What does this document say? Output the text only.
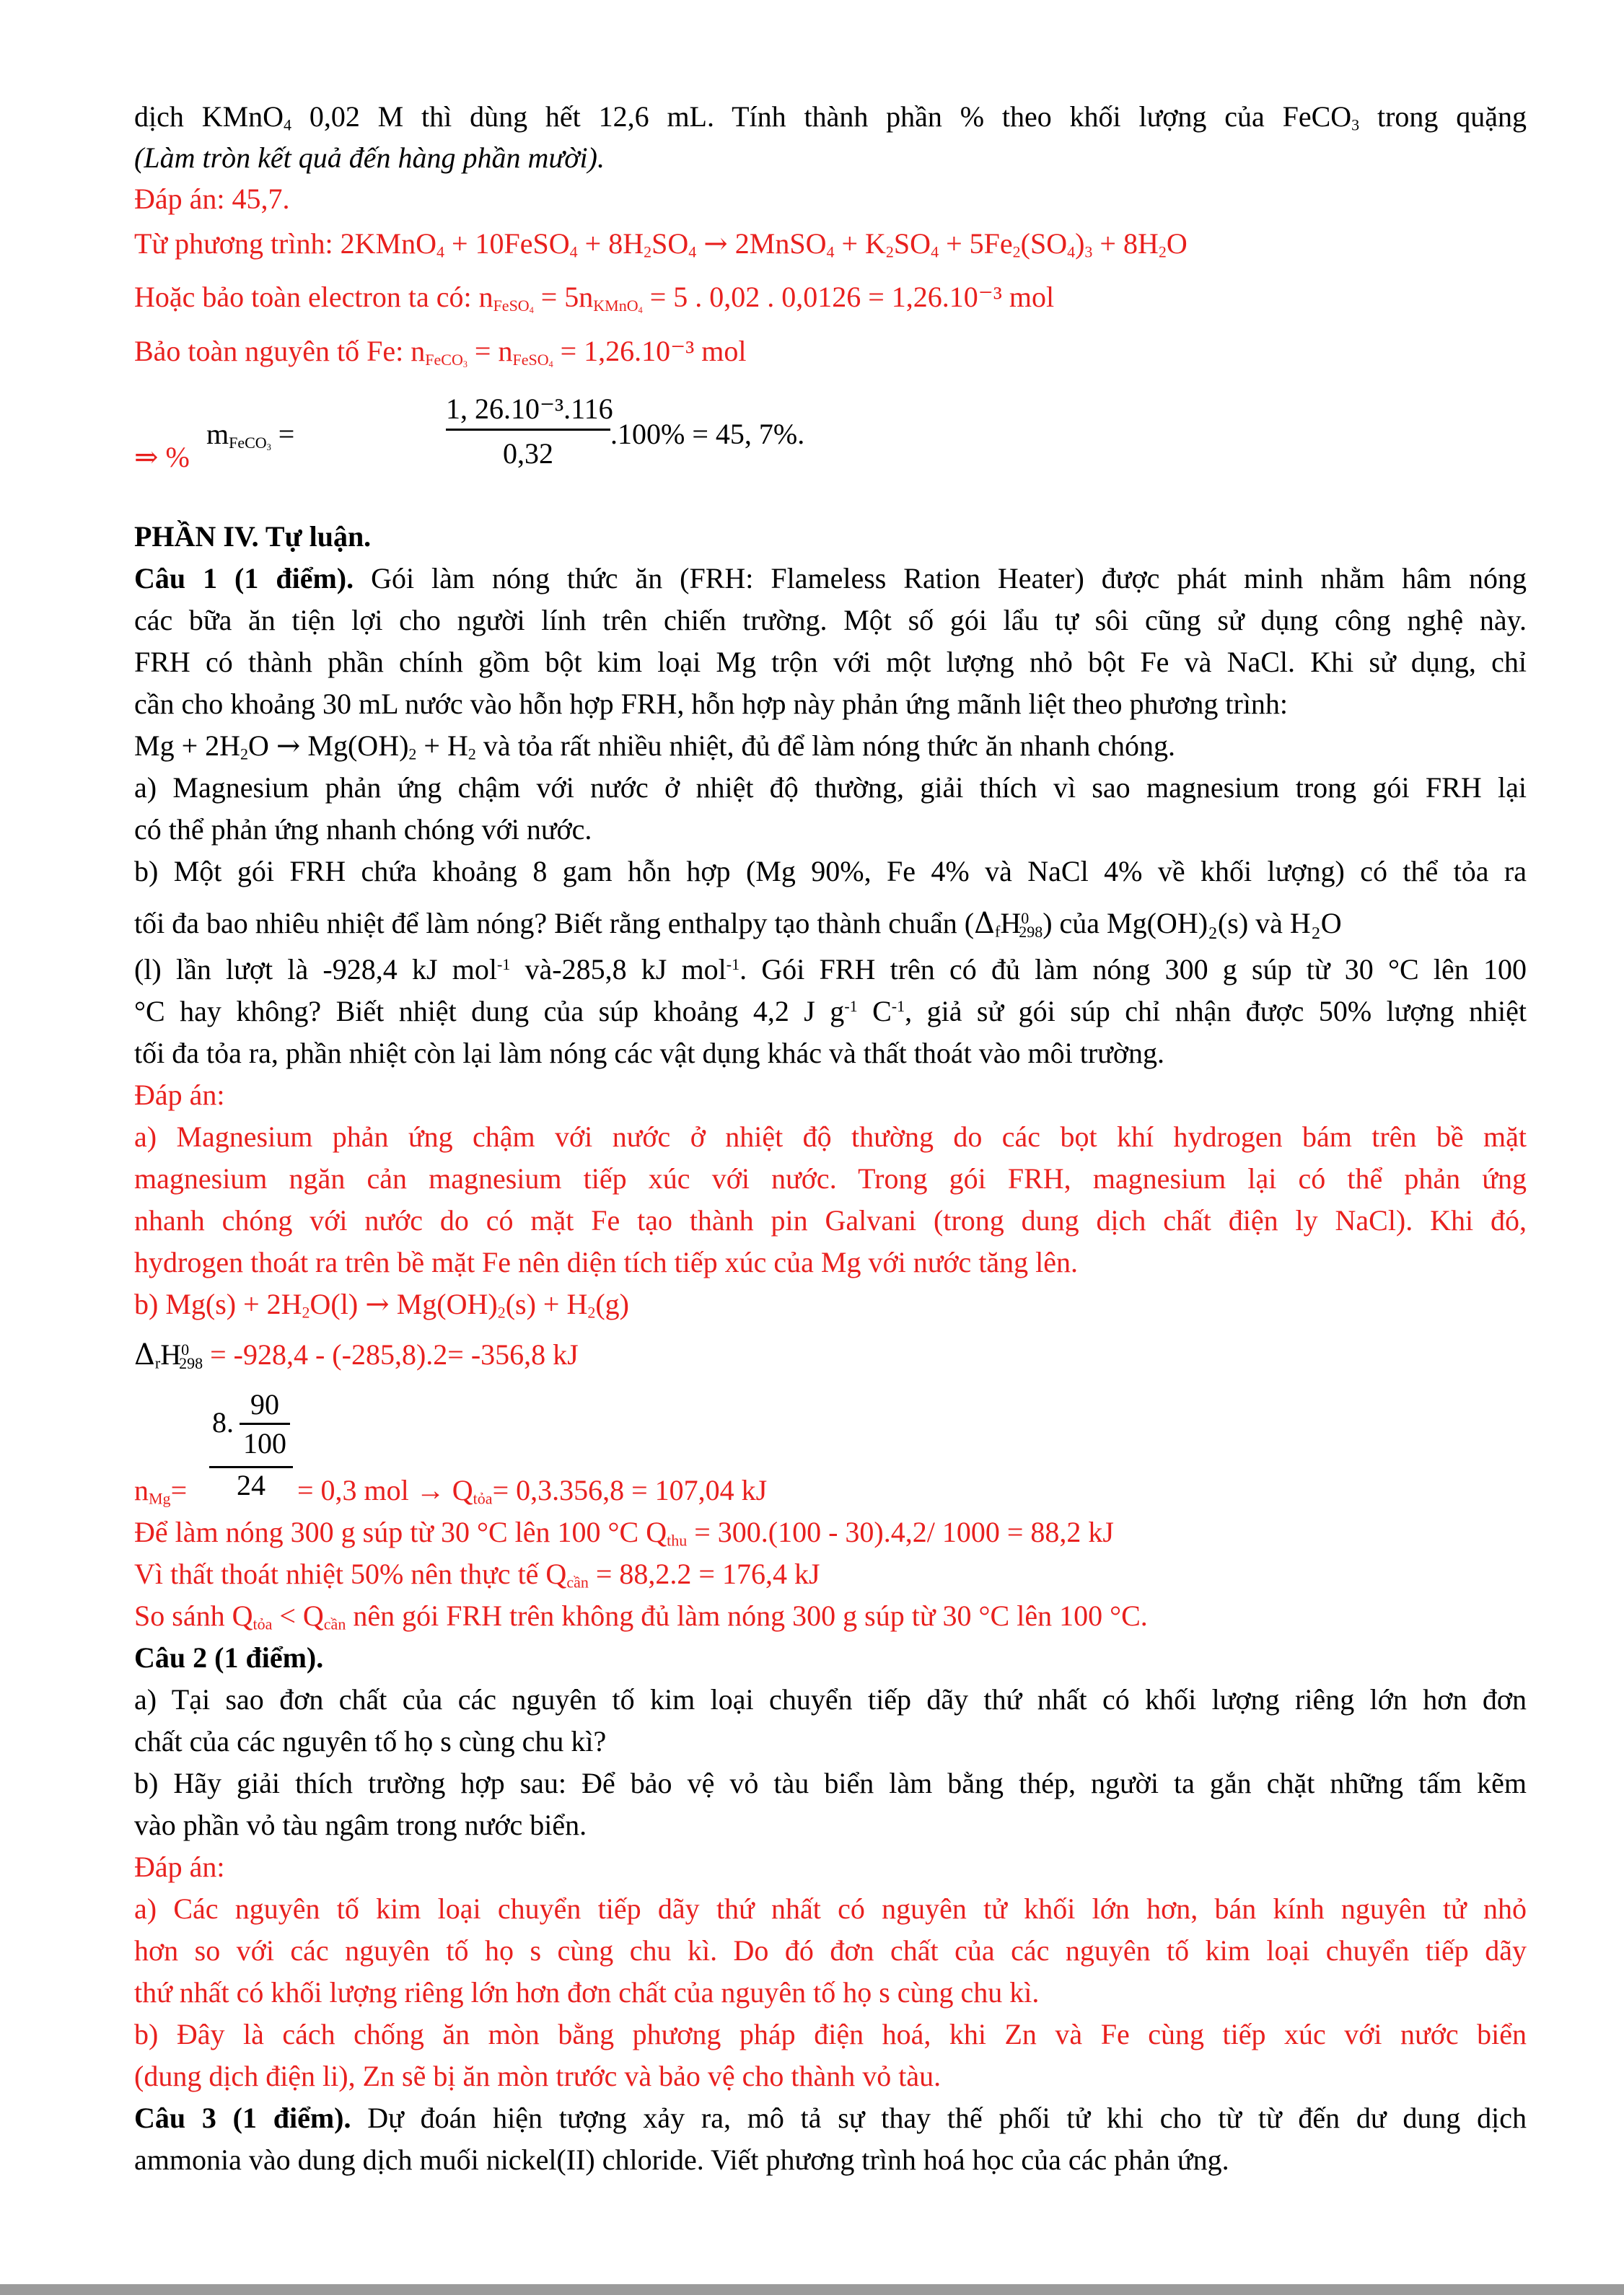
dịch KMnO$_4$ 0,02 M thì dùng hết 12,6 mL. Tính thành phần % theo khối lượng của FeCO$_3$ trong quặng
(Làm tròn kết quả đến hàng phần mười).
Đáp án: 45,7.
Từ phương trình: 2KMnO$_4$ + 10FeSO$_4$ + $8H_2SO_4$ → 2MnSO$_4$ + $K_2SO_4 + 5Fe_2(SO_4)_3 + 8H_2O$
Hoặc bảo toàn electron ta có: $n_{FeSO_4} = 5n_{KMnO_4} = 5$ . 0,02 . 0,0126 = 1,26.10⁻³ mol
Bảo toàn nguyên tố Fe: $n_{FeCO_3} = n_{FeSO_4} = 1,26.10^{-3}$ mol
⇒ %
$m_{FeCO_3}$ =
1, 26.10⁻³.116
0,32
.100% = 45, 7%.
PHẦN IV. Tự luận.
Câu 1 (1 điểm). Gói làm nóng thức ăn (FRH: Flameless Ration Heater) được phát minh nhằm hâm nóng
các bữa ăn tiện lợi cho người lính trên chiến trường. Một số gói lẩu tự sôi cũng sử dụng công nghệ này.
FRH có thành phần chính gồm bột kim loại Mg trộn với một lượng nhỏ bột Fe và NaCl. Khi sử dụng, chỉ
cần cho khoảng 30 mL nước vào hỗn hợp FRH, hỗn hợp này phản ứng mãnh liệt theo phương trình:
$Mg + 2H_2O \to Mg(OH)_2 + H_2$ và tỏa rất nhiều nhiệt, đủ để làm nóng thức ăn nhanh chóng.
a) Magnesium phản ứng chậm với nước ở nhiệt độ thường, giải thích vì sao magnesium trong gói FRH lại
có thể phản ứng nhanh chóng với nước.
b) Một gói FRH chứa khoảng 8 gam hỗn hợp (Mg 90%, Fe 4% và NaCl 4% về khối lượng) có thể tỏa ra
tối đa bao nhiêu nhiệt để làm nóng? Biết rằng enthalpy tạo thành chuẩn $(\Delta_fH^0_{298})$ của Mg(OH)₂(s) và H₂O
(l) lần lượt là -928,4 kJ mol$^{-1}$ và-285,8 kJ mol$^{-1}$. Gói FRH trên có đủ làm nóng 300 g súp từ 30 °C lên 100
°C hay không? Biết nhiệt dung của súp khoảng 4,2 J $g^{-1}$ $C^{-1}$, giả sử gói súp chỉ nhận được 50% lượng nhiệt
tối đa tỏa ra, phần nhiệt còn lại làm nóng các vật dụng khác và thất thoát vào môi trường.
Đáp án:
a) Magnesium phản ứng chậm với nước ở nhiệt độ thường do các bọt khí hydrogen bám trên bề mặt
magnesium ngăn cản magnesium tiếp xúc với nước. Trong gói FRH, magnesium lại có thể phản ứng
nhanh chóng với nước do có mặt Fe tạo thành pin Galvani (trong dung dịch chất điện ly NaCl). Khi đó,
hydrogen thoát ra trên bề mặt Fe nên diện tích tiếp xúc của Mg với nước tăng lên.
b) $Mg(s) + 2H_2O(l) \to Mg(OH)_2(s) + H_2(g)$
$\Delta_rH^0_{298} = -928,4 - (-285,8).2= -356,8$ kJ
8.
90
100
$n_{Mg}=$	24	= 0,3 mol → $Q_{tỏa}= 0,3.356,8 = 107,04$ kJ
Để làm nóng 300 g súp từ 30 °C lên 100 °C $Q_{thu} = 300.(100 - 30).4,2/$ 1000 = 88,2 kJ
Vì thất thoát nhiệt 50% nên thực tế $Q_{cần} = 88,2.2 = 176,4$ kJ
So sánh $Q_{tỏa} < Q_{cần}$ nên gói FRH trên không đủ làm nóng 300 g súp từ 30 °C lên 100 °C.
Câu 2 (1 điểm).
a) Tại sao đơn chất của các nguyên tố kim loại chuyển tiếp dãy thứ nhất có khối lượng riêng lớn hơn đơn
chất của các nguyên tố họ s cùng chu kì?
b) Hãy giải thích trường hợp sau: Để bảo vệ vỏ tàu biển làm bằng thép, người ta gắn chặt những tấm kẽm
vào phần vỏ tàu ngâm trong nước biển.
Đáp án:
a) Các nguyên tố kim loại chuyển tiếp dãy thứ nhất có nguyên tử khối lớn hơn, bán kính nguyên tử nhỏ
hơn so với các nguyên tố họ s cùng chu kì. Do đó đơn chất của các nguyên tố kim loại chuyển tiếp dãy
thứ nhất có khối lượng riêng lớn hơn đơn chất của nguyên tố họ s cùng chu kì.
b) Đây là cách chống ăn mòn bằng phương pháp điện hoá, khi Zn và Fe cùng tiếp xúc với nước biển
(dung dịch điện li), Zn sẽ bị ăn mòn trước và bảo vệ cho thành vỏ tàu.
Câu 3 (1 điểm). Dự đoán hiện tượng xảy ra, mô tả sự thay thế phối tử khi cho từ từ đến dư dung dịch
ammonia vào dung dịch muối nickel(II) chloride. Viết phương trình hoá học của các phản ứng.
